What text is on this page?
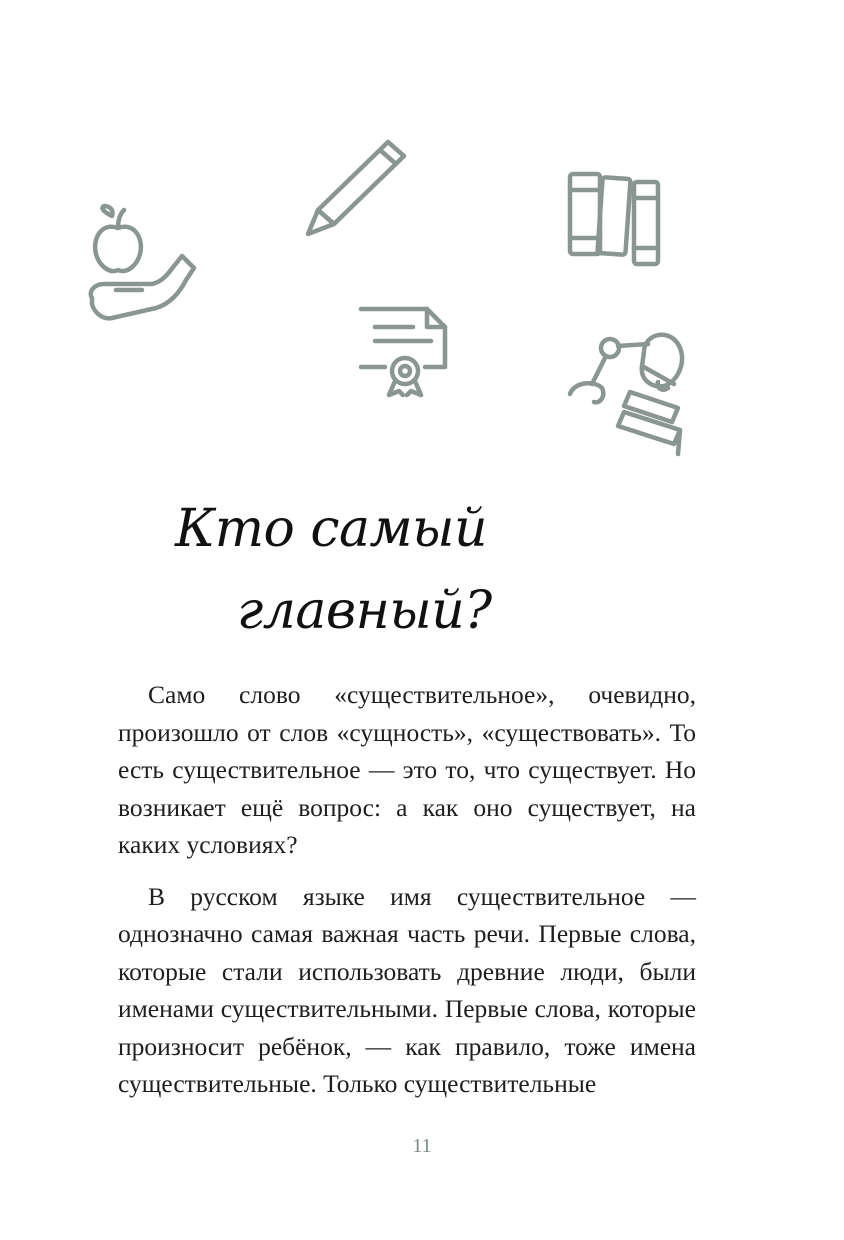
Кто самый
главный?

Само слово «существительное», очевидно, произошло от слов «сущность», «существовать». То есть существительное — это то, что существует. Но возникает ещё вопрос: а как оно существует, на каких условиях?

В русском языке имя существительное — однозначно самая важная часть речи. Первые слова, которые стали использовать древние люди, были именами существительными. Первые слова, которые произносит ребёнок, — как правило, тоже имена существительные. Только существительные

11
